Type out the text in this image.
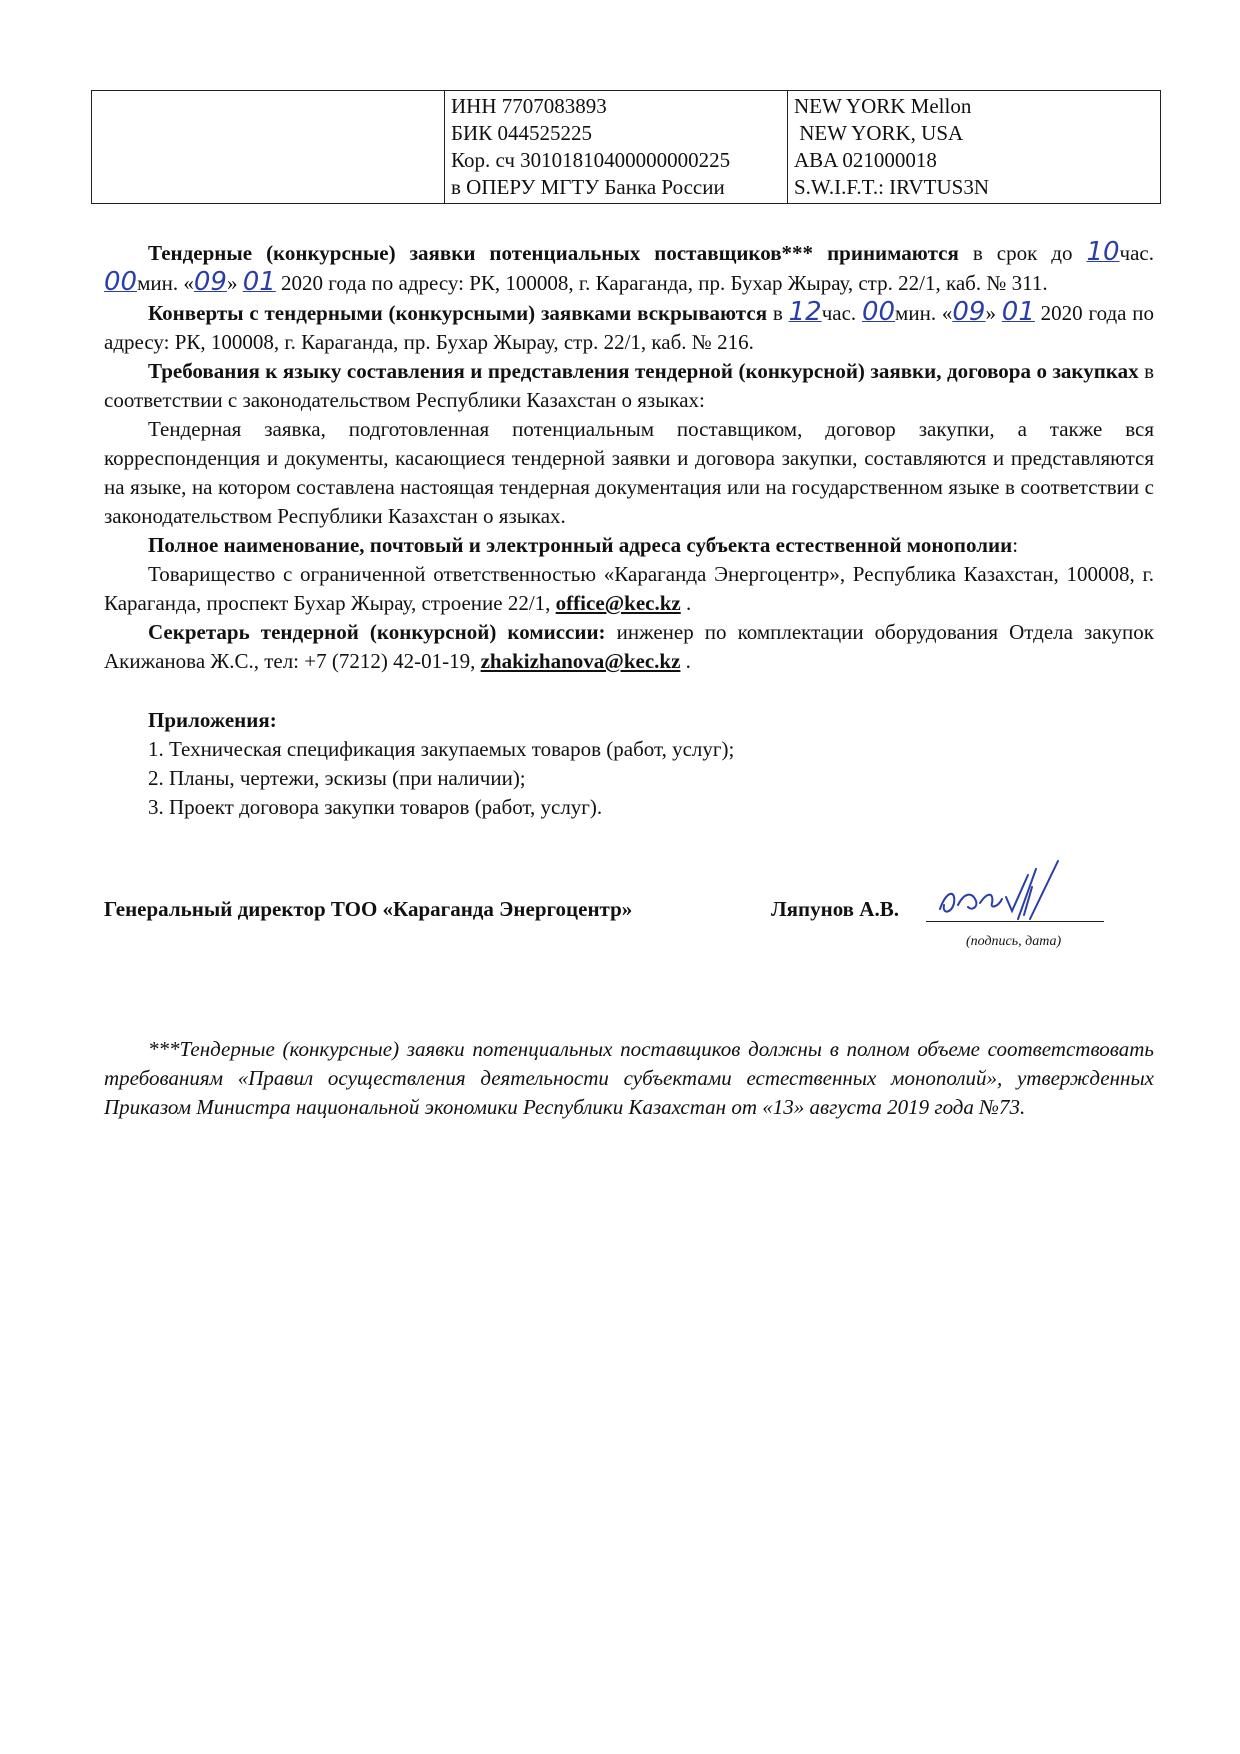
ИНН 7707083893
БИК 044525225
Кор. сч 30101810400000000225
в ОПЕРУ МГТУ Банка России

NEW YORK Mellon
NEW YORK, USA
ABA 021000018
S.W.I.F.T.: IRVTUS3N

Тендерные (конкурсные) заявки потенциальных поставщиков*** принимаются в срок до 10час. 00мин. «09» 01 2020 года по адресу: РК, 100008, г. Караганда, пр. Бухар Жырау, стр. 22/1, каб. № 311.

Конверты с тендерными (конкурсными) заявками вскрываются в 12час. 00мин. «09» 01 2020 года по адресу: РК, 100008, г. Караганда, пр. Бухар Жырау, стр. 22/1, каб. № 216.

Требования к языку составления и представления тендерной (конкурсной) заявки, договора о закупках в соответствии с законодательством Республики Казахстан о языках:

Тендерная заявка, подготовленная потенциальным поставщиком, договор закупки, а также вся корреспонденция и документы, касающиеся тендерной заявки и договора закупки, составляются и представляются на языке, на котором составлена настоящая тендерная документация или на государственном языке в соответствии с законодательством Республики Казахстан о языках.

Полное наименование, почтовый и электронный адреса субъекта естественной монополии:

Товарищество с ограниченной ответственностью «Караганда Энергоцентр», Республика Казахстан, 100008, г. Караганда, проспект Бухар Жырау, строение 22/1, office@kec.kz .

Секретарь тендерной (конкурсной) комиссии: инженер по комплектации оборудования Отдела закупок Акижанова Ж.С., тел: +7 (7212) 42-01-19, zhakizhanova@kec.kz .

Приложения:
1. Техническая спецификация закупаемых товаров (работ, услуг);
2. Планы, чертежи, эскизы (при наличии);
3. Проект договора закупки товаров (работ, услуг).
Генеральный директор ТОО «Караганда Энергоцентр»	Ляпунов А.В.
(подпись, дата)

***Тендерные (конкурсные) заявки потенциальных поставщиков должны в полном объеме соответствовать требованиям «Правил осуществления деятельности субъектами естественных монополий», утвержденных Приказом Министра национальной экономики Республики Казахстан от «13» августа 2019 года №73.
